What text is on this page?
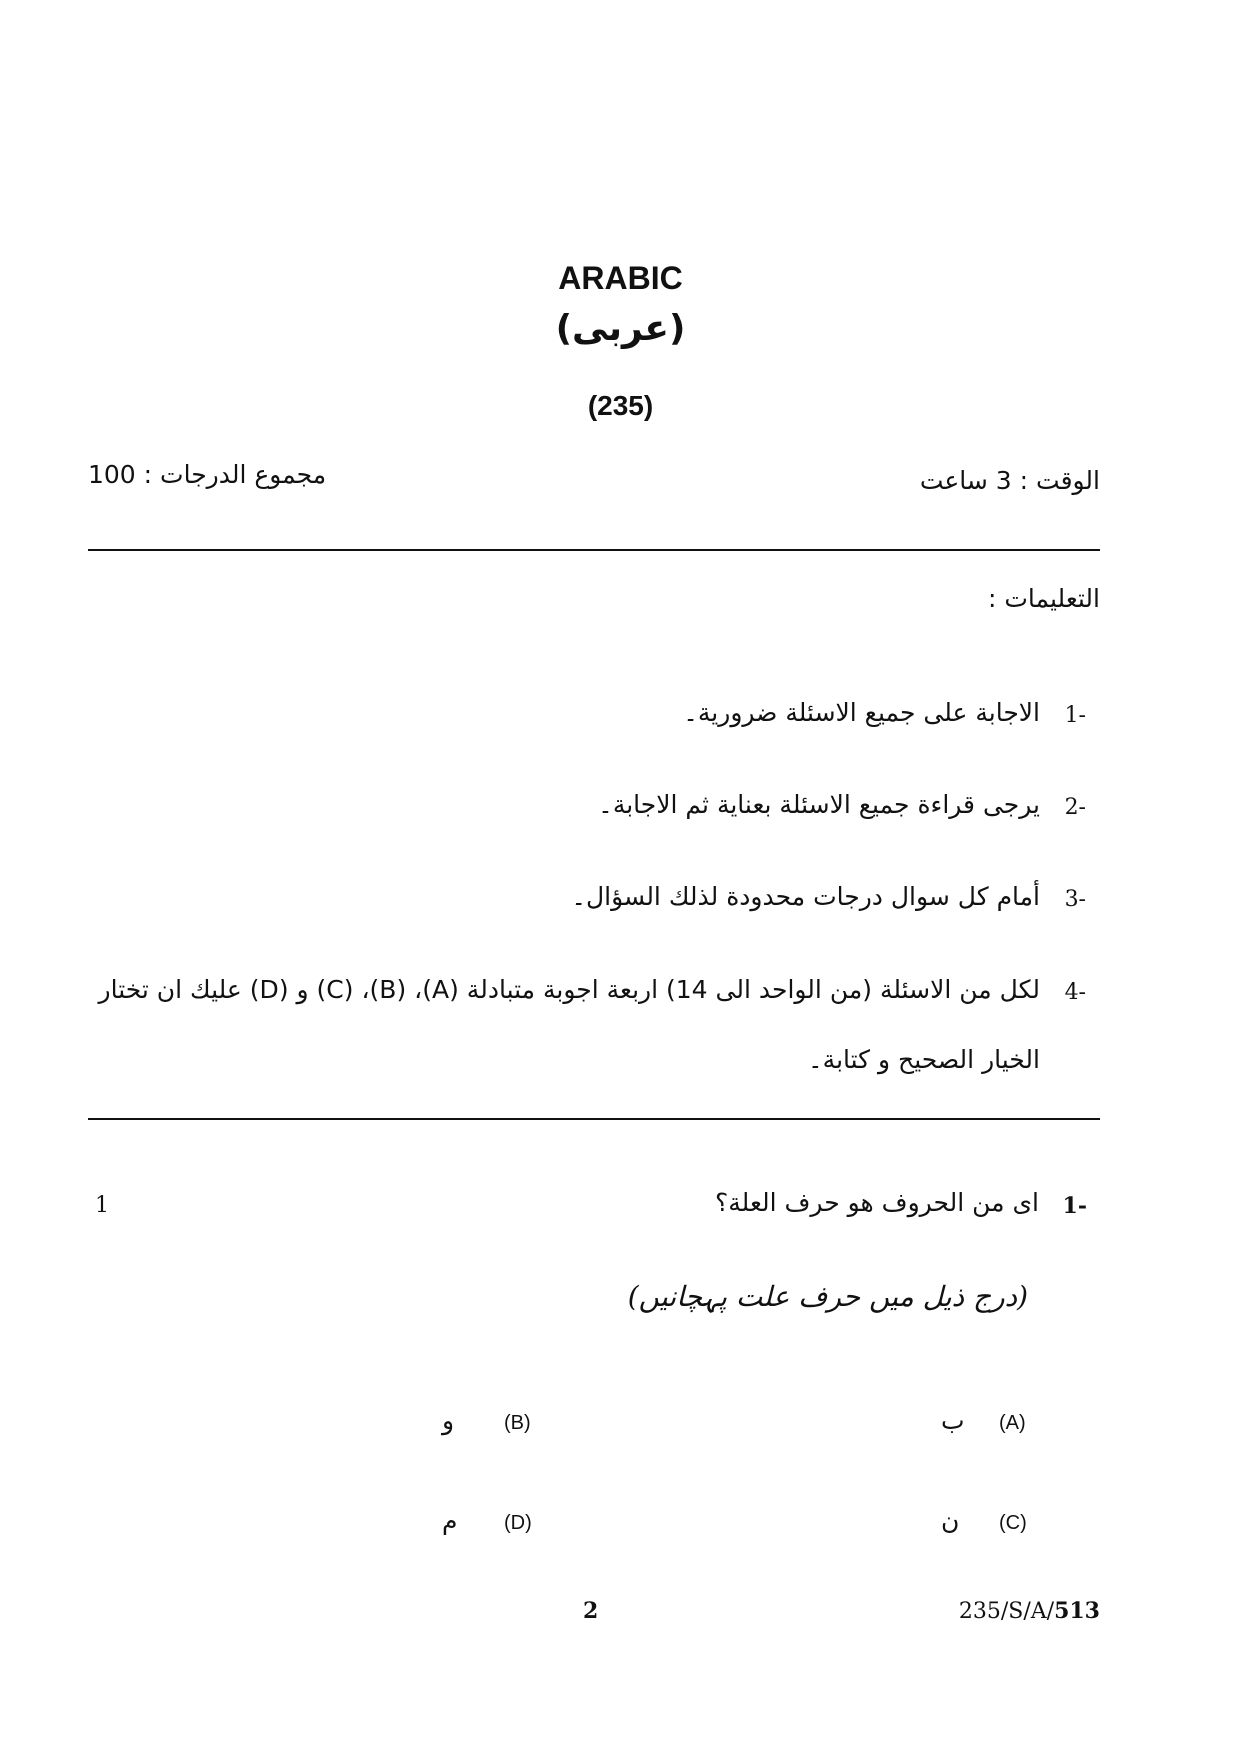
ARABIC
(عربى)
(235)
الوقت : 3 ساعت
مجموع الدرجات : 100
التعليمات :
1-
الاجابة على جميع الاسئلة ضرورية۔
2-
يرجى قراءة جميع الاسئلة بعناية ثم الاجابة۔
3-
أمام كل سوال درجات محدودة لذلك السؤال۔
4-
لكل من الاسئلة (من الواحد الى 14) اربعة اجوبة متبادلة (A)، (B)، (C) و (D) عليك ان تختار
الخيار الصحيح و كتابة۔
1-
اى من الحروف هو حرف العلة؟
1
(درج ذیل میں حرف علت پہچانیں)
(A)
ب
(B)
و
(C)
ن
(D)
م
2	235/S/A/513
